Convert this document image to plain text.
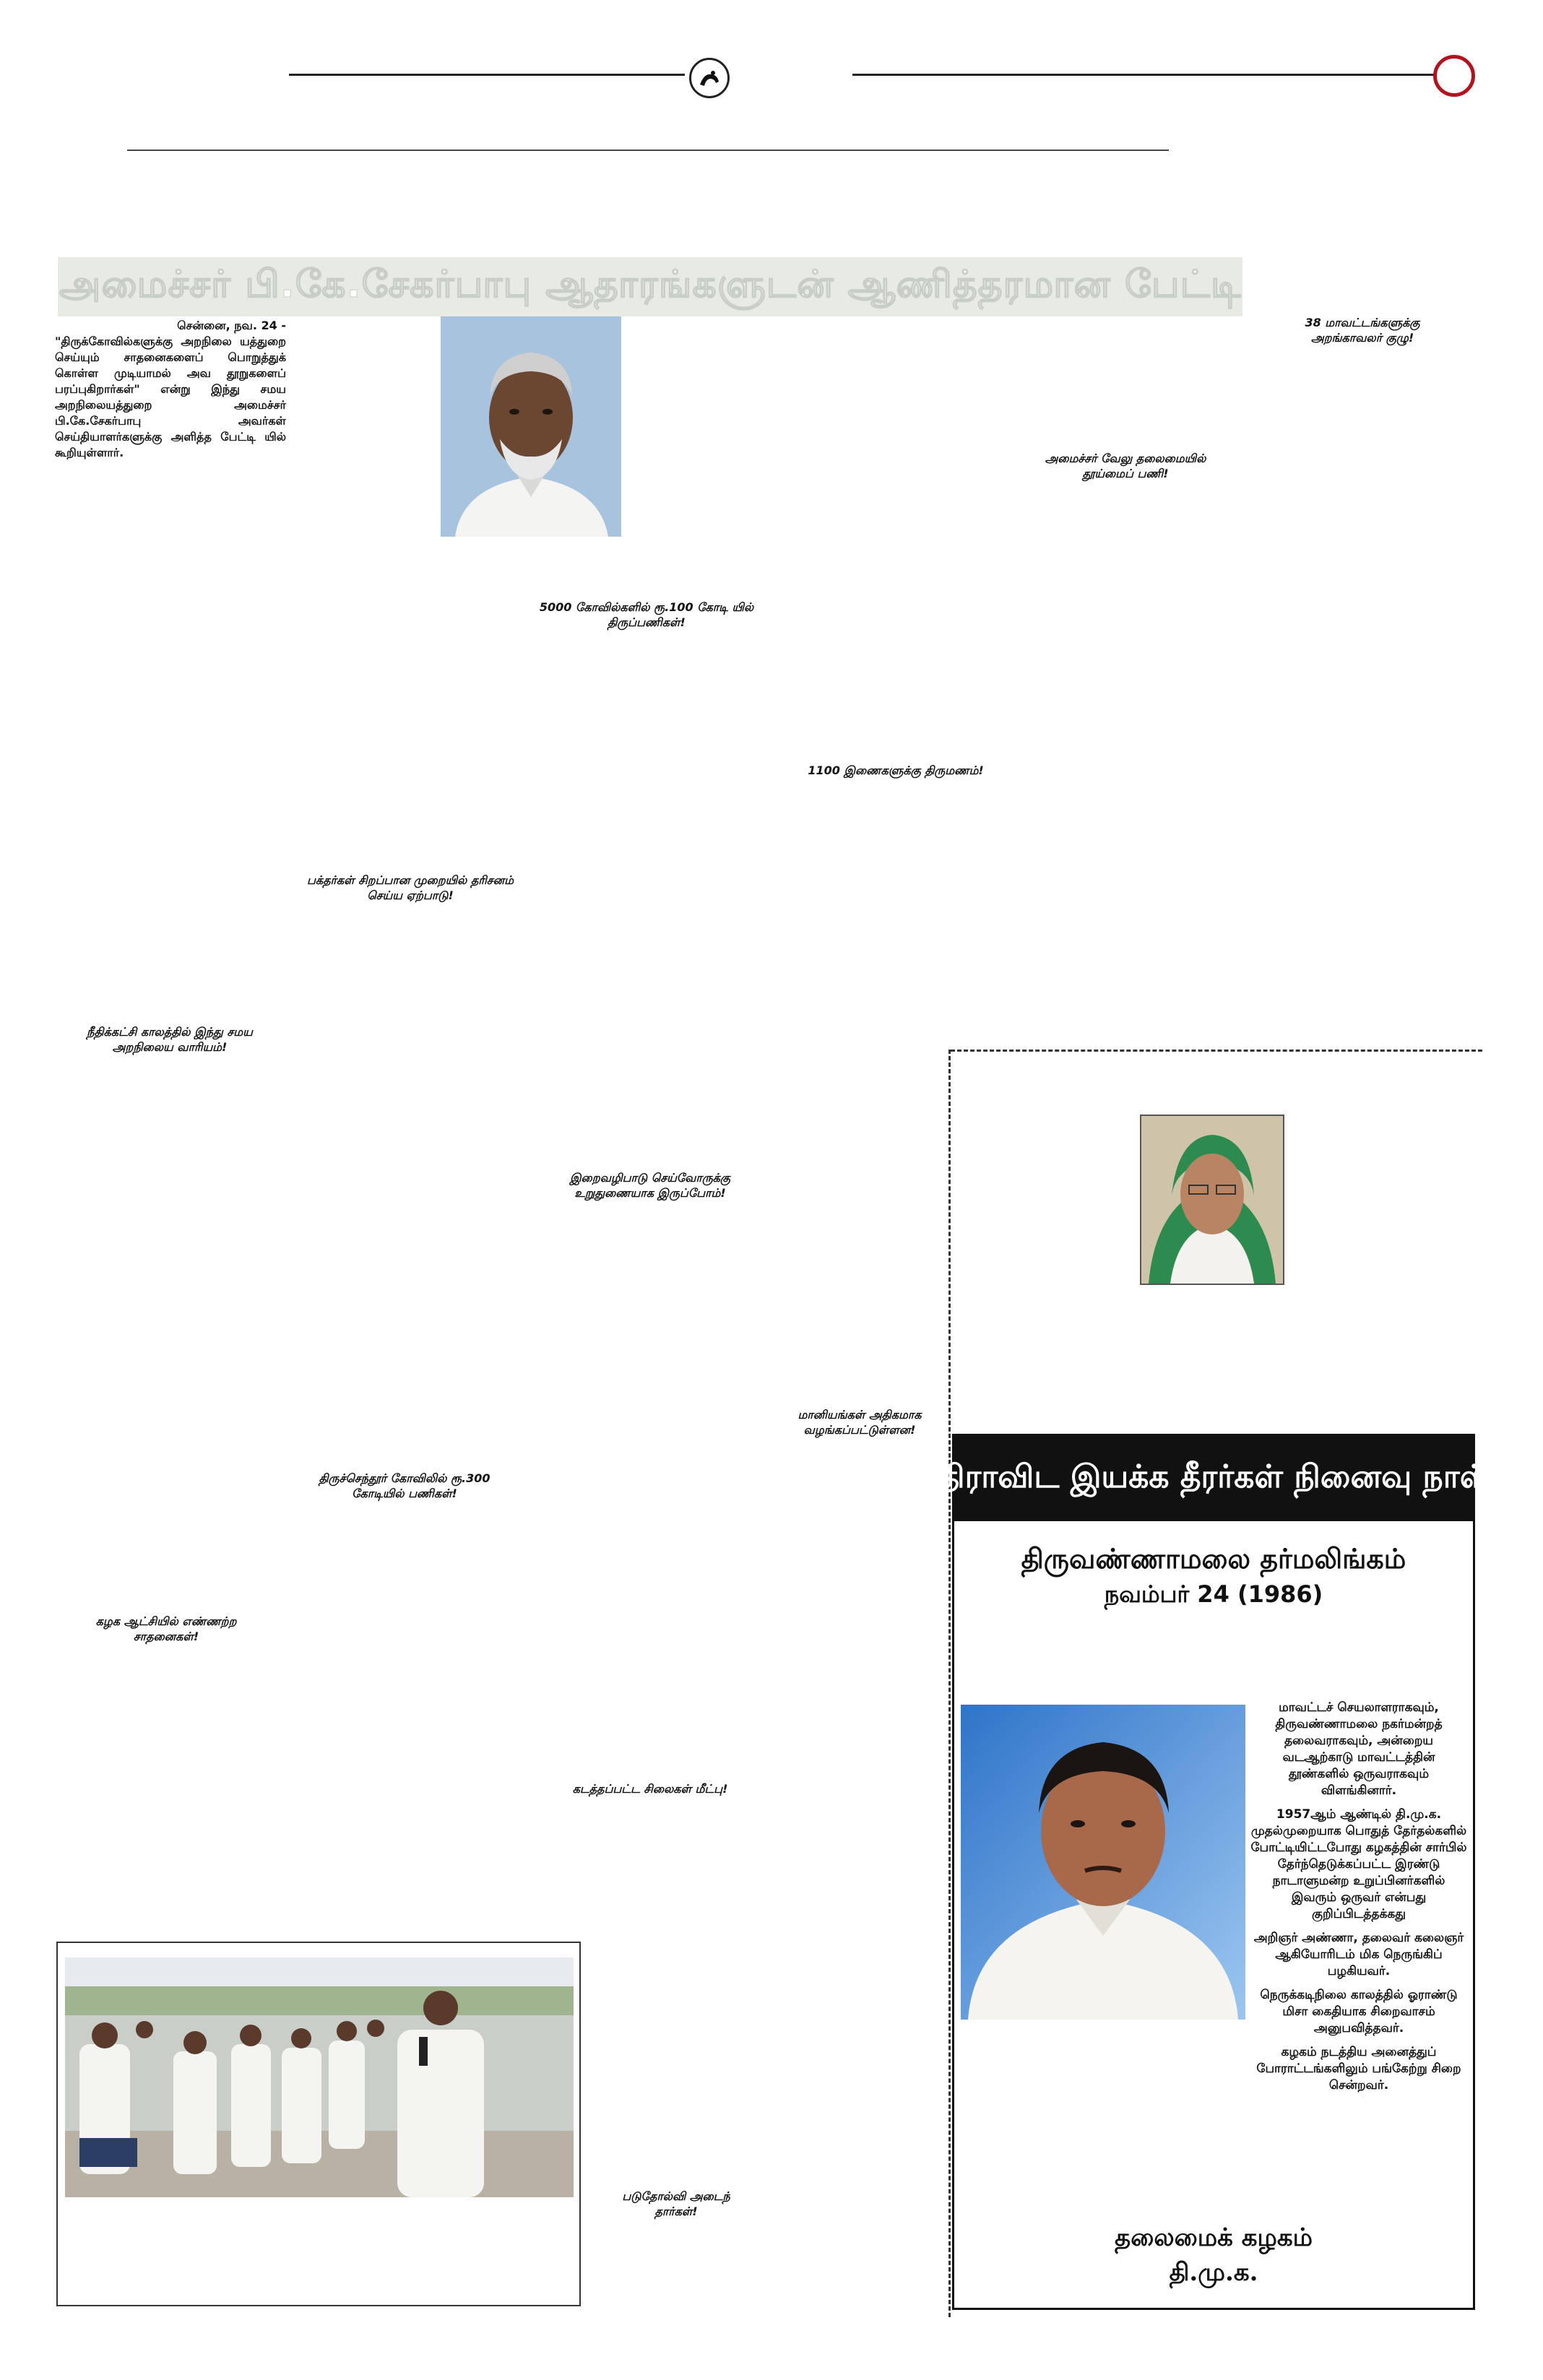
அமைச்சர் பி.கே.சேகர்பாபு ஆதாரங்களுடன் ஆணித்தரமான பேட்டி
சென்னை, நவ. 24 -
"திருக்கோவில்களுக்கு அறநிலை யத்துறை செய்யும் சாதனைகளைப் பொறுத்துக் கொள்ள முடியாமல் அவ தூறுகளைப் பரப்புகிறார்கள்" என்று இந்து சமய அறநிலையத்துறை அமைச்சர் பி.கே.சேகர்பாபு அவர்கள் செய்தியாளர்களுக்கு அளித்த பேட்டி யில் கூறியுள்ளார்.
38 மாவட்டங்களுக்கு அறங்காவலர் குழு!
அமைச்சர் வேலு தலைமையில் தூய்மைப் பணி!
5000 கோவில்களில் ரூ.100 கோடி யில் திருப்பணிகள்!
1100 இணைகளுக்கு திருமணம்!
பக்தர்கள் சிறப்பான முறையில் தரிசனம் செய்ய ஏற்பாடு!
நீதிக்கட்சி காலத்தில் இந்து சமய அறநிலைய வாரியம்!
இறைவழிபாடு செய்வோருக்கு உறுதுணையாக இருப்போம்!
மானியங்கள் அதிகமாக வழங்கப்பட்டுள்ளன!
திருச்செந்தூர் கோவிலில் ரூ.300 கோடியில் பணிகள்!
கழக ஆட்சியில் எண்ணற்ற சாதனைகள்!
கடத்தப்பட்ட சிலைகள் மீட்பு!
படுதோல்வி அடைந் தார்கள்!
திராவிட இயக்க தீரர்கள் நினைவு நாள்
திருவண்ணாமலை தர்மலிங்கம்
நவம்பர் 24 (1986)

மாவட்டச் செயலாளராகவும், திருவண்ணாமலை நகர்மன்றத் தலைவராகவும், அன்றைய வடஆற்காடு மாவட்டத்தின் தூண்களில் ஒருவராகவும் விளங்கினார்.

1957ஆம் ஆண்டில் தி.மு.க. முதல்முறையாக பொதுத் தேர்தல்களில் போட்டியிட்டபோது கழகத்தின் சார்பில் தேர்ந்தெடுக்கப்பட்ட இரண்டு நாடாளுமன்ற உறுப்பினர்களில் இவரும் ஒருவர் என்பது குறிப்பிடத்தக்கது

அறிஞர் அண்ணா, தலைவர் கலைஞர் ஆகியோரிடம் மிக நெருங்கிப் பழகியவர்.

நெருக்கடிநிலை காலத்தில் ஓராண்டு மிசா கைதியாக சிறைவாசம் அனுபவித்தவர்.

கழகம் நடத்திய அனைத்துப் போராட்டங்களிலும் பங்கேற்று சிறை சென்றவர்.

தலைமைக் கழகம்
தி.மு.க.
